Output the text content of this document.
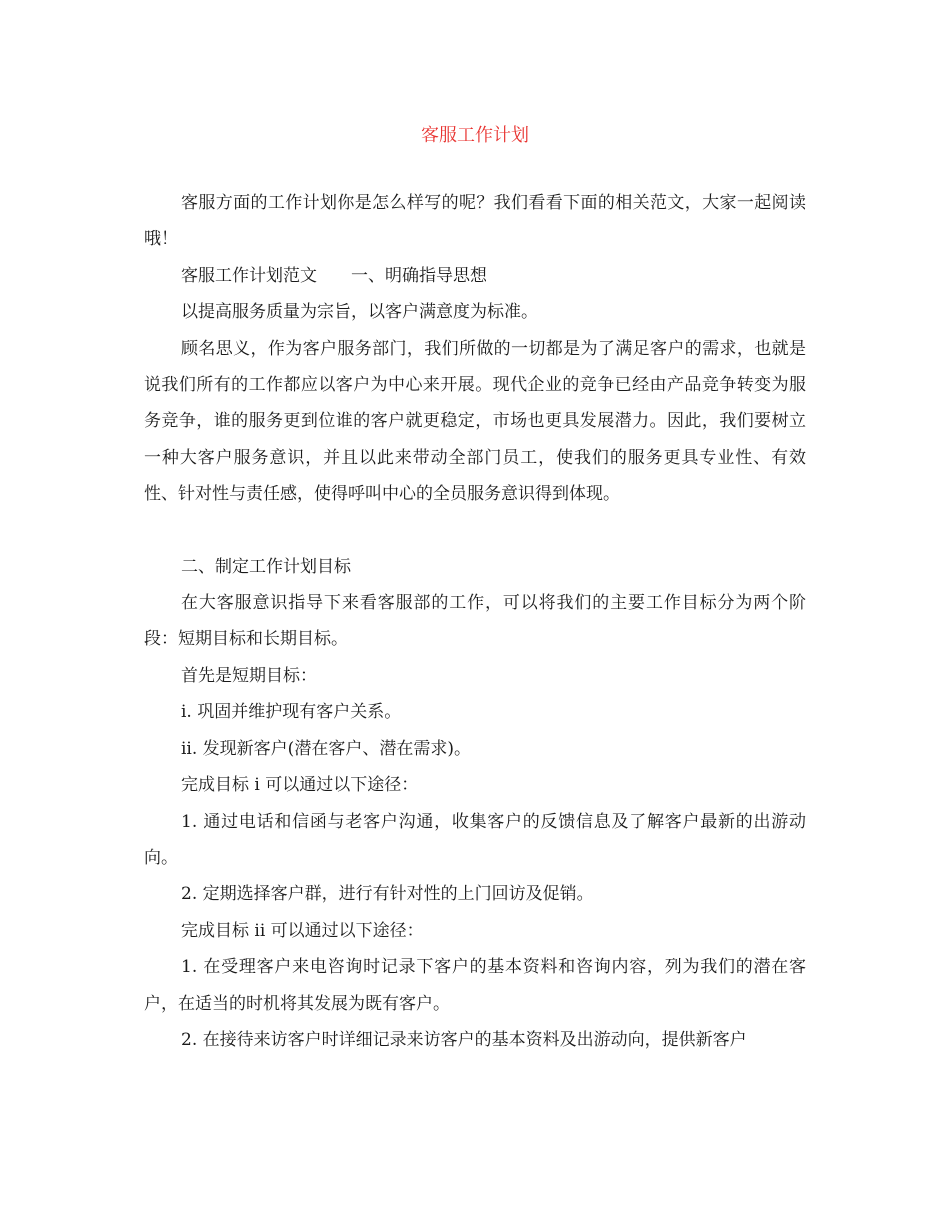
客服工作计划

客服方面的工作计划你是怎么样写的呢？我们看看下面的相关范文，大家一起阅读哦！

客服工作计划范文　　一、明确指导思想

以提高服务质量为宗旨，以客户满意度为标准。

顾名思义，作为客户服务部门，我们所做的一切都是为了满足客户的需求，也就是说我们所有的工作都应以客户为中心来开展。现代企业的竞争已经由产品竞争转变为服务竞争，谁的服务更到位谁的客户就更稳定，市场也更具发展潜力。因此，我们要树立一种大客户服务意识，并且以此来带动全部门员工，使我们的服务更具专业性、有效性、针对性与责任感，使得呼叫中心的全员服务意识得到体现。

二、制定工作计划目标

在大客服意识指导下来看客服部的工作，可以将我们的主要工作目标分为两个阶段：短期目标和长期目标。

首先是短期目标：

i. 巩固并维护现有客户关系。

ii. 发现新客户(潜在客户、潜在需求)。

完成目标 i 可以通过以下途径：

1. 通过电话和信函与老客户沟通，收集客户的反馈信息及了解客户最新的出游动向。

2. 定期选择客户群，进行有针对性的上门回访及促销。

完成目标 ii 可以通过以下途径：

1. 在受理客户来电咨询时记录下客户的基本资料和咨询内容，列为我们的潜在客户，在适当的时机将其发展为既有客户。

2. 在接待来访客户时详细记录来访客户的基本资料及出游动向，提供新客户
